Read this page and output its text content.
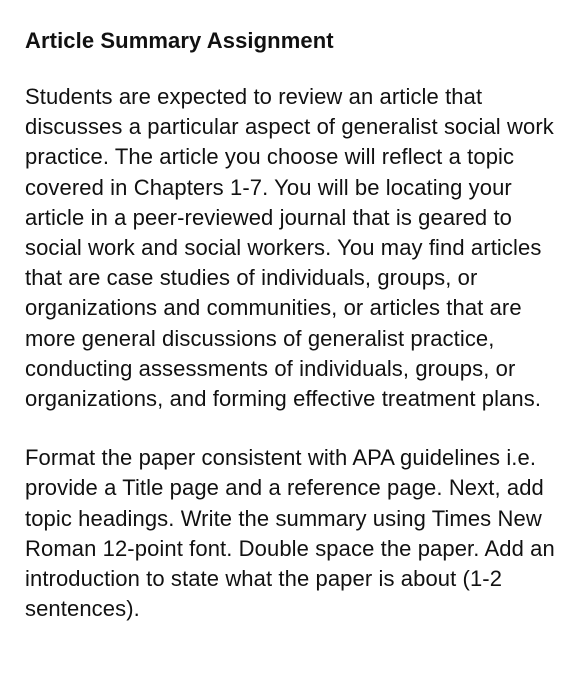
Article Summary Assignment

Students are expected to review an article that discusses a particular aspect of generalist social work practice. The article you choose will reflect a topic covered in Chapters 1-7. You will be locating your article in a peer-reviewed journal that is geared to social work and social workers. You may find articles that are case studies of individuals, groups, or organizations and communities, or articles that are more general discussions of generalist practice, conducting assessments of individuals, groups, or organizations, and forming effective treatment plans.

Format the paper consistent with APA guidelines i.e. provide a Title page and a reference page. Next, add topic headings. Write the summary using Times New Roman 12-point font. Double space the paper. Add an introduction to state what the paper is about (1-2 sentences).
